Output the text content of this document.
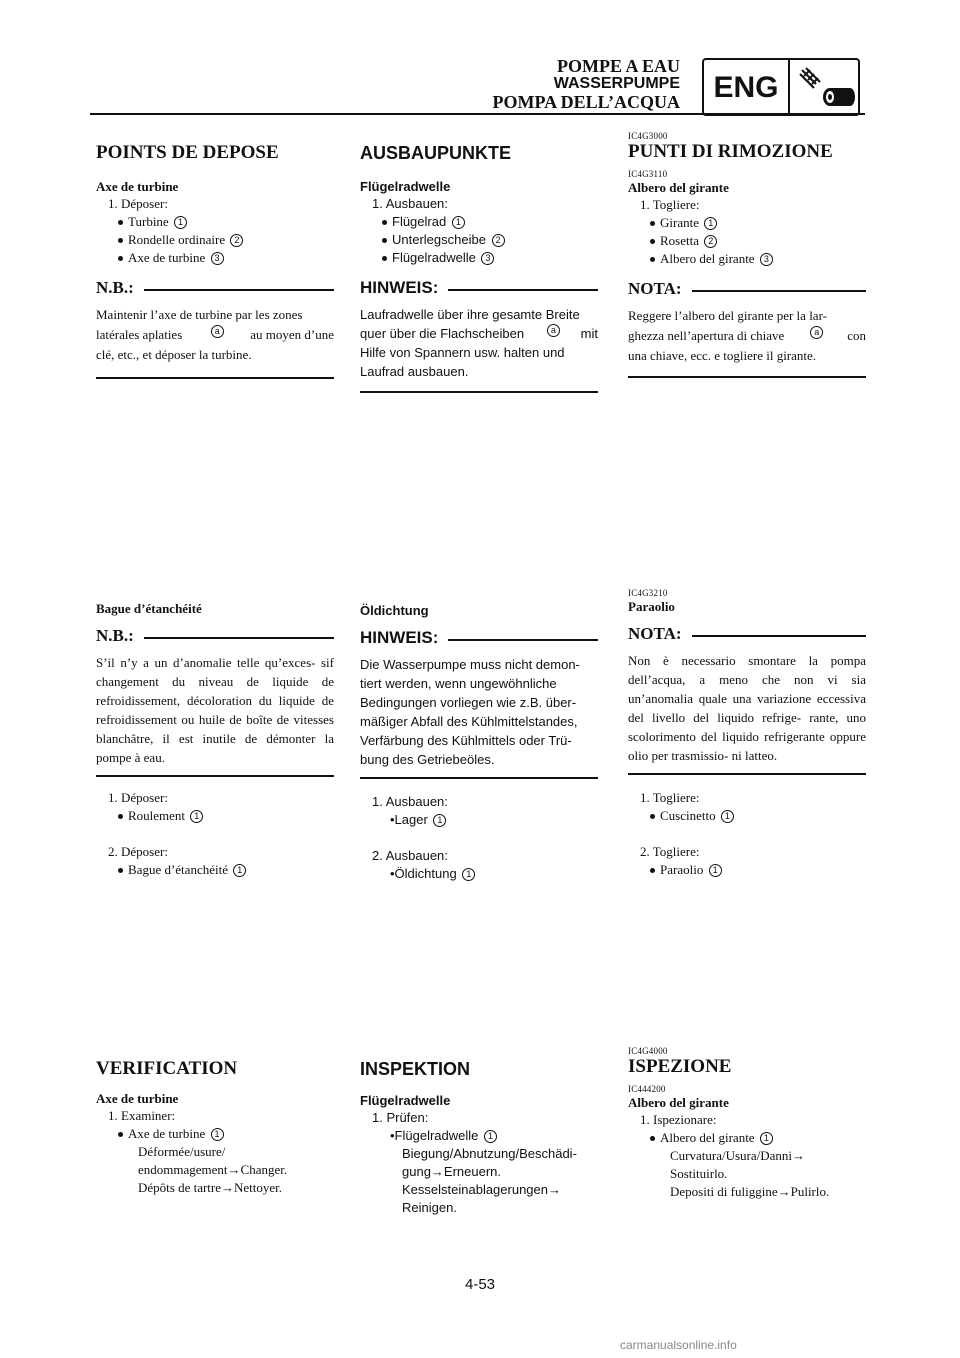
POMPE A EAU
WASSERPUMPE
POMPA DELL’ACQUA	ENG
POINTS DE DEPOSE
Axe de turbine
1. Déposer:
Turbine 1
Rondelle ordinaire 2
Axe de turbine 3
N.B.:
Maintenir l’axe de turbine par les zones
latérales aplaties	a	au moyen d’une
clé, etc., et déposer la turbine.
Bague d’étanchéité
N.B.:
S’il n’y a un d’anomalie telle qu’exces- sif changement du niveau de liquide de refroidissement, décoloration du liquide de refroidissement ou huile de boîte de vitesses blanchâtre, il est inutile de démonter la pompe à eau.
1. Déposer:
Roulement 1
2. Déposer:
Bague d’étanchéité 1
VERIFICATION
Axe de turbine
1. Examiner:
Axe de turbine 1
Déformée/usure/
endommagement→Changer.
Dépôts de tartre→Nettoyer.
AUSBAUPUNKTE
Flügelradwelle
1. Ausbauen:
Flügelrad 1
Unterlegscheibe 2
Flügelradwelle 3
HINWEIS:
Laufradwelle über ihre gesamte Breite
quer über die Flachscheiben	a	mit
Hilfe von Spannern usw. halten und
Laufrad ausbauen.
Öldichtung
HINWEIS:
Die Wasserpumpe muss nicht demon- tiert werden, wenn ungewöhnliche Bedingungen vorliegen wie z.B. über- mäßiger Abfall des Kühlmittelstandes, Verfärbung des Kühlmittels oder Trü- bung des Getriebeöles.
1. Ausbauen:
•Lager 1
2. Ausbauen:
•Öldichtung 1
INSPEKTION
Flügelradwelle
1. Prüfen:
•Flügelradwelle 1
Biegung/Abnutzung/Beschädi-
gung→Erneuern.
Kesselsteinablagerungen→
Reinigen.
IC4G3000
PUNTI DI RIMOZIONE
IC4G3110
Albero del girante
1. Togliere:
Girante 1
Rosetta 2
Albero del girante 3
NOTA:
Reggere l’albero del girante per la lar-
ghezza nell’apertura di chiave	a	con
una chiave, ecc. e togliere il girante.
IC4G3210
Paraolio
NOTA:
Non è necessario smontare la pompa dell’acqua, a meno che non vi sia un’anomalia quale una variazione eccessiva del livello del liquido refrige- rante, uno scolorimento del liquido refrigerante oppure olio per trasmissio- ni latteo.
1. Togliere:
Cuscinetto 1
2. Togliere:
Paraolio 1
IC4G4000
ISPEZIONE
IC444200
Albero del girante
1. Ispezionare:
Albero del girante 1
Curvatura/Usura/Danni→
Sostituirlo.
Depositi di fuliggine→Pulirlo.
4-53
carmanualsonline.info
